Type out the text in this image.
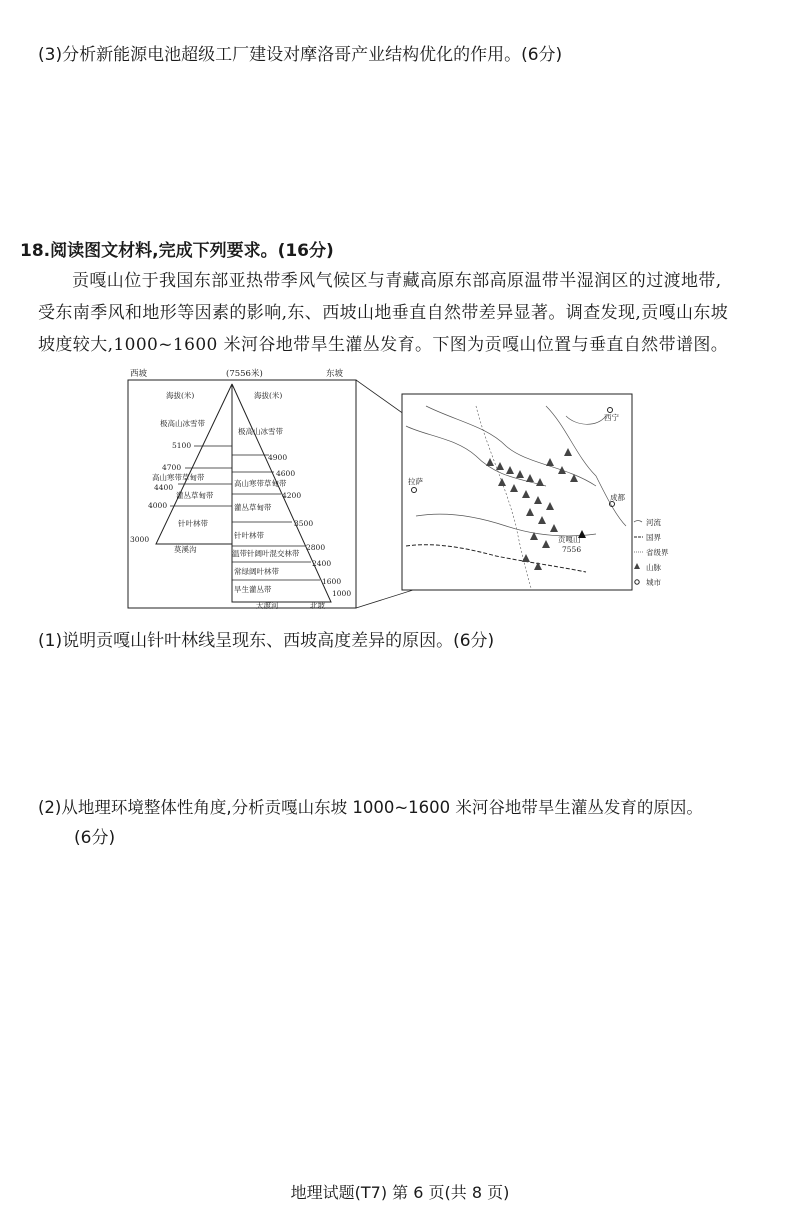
(3)分析新能源电池超级工厂建设对摩洛哥产业结构优化的作用。(6分)
18.阅读图文材料,完成下列要求。(16分)
贡嘎山位于我国东部亚热带季风气候区与青藏高原东部高原温带半湿润区的过渡地带,
受东南季风和地形等因素的影响,东、西坡山地垂直自然带差异显著。调查发现,贡嘎山东坡
坡度较大,1000~1600 米河谷地带旱生灌丛发育。下图为贡嘎山位置与垂直自然带谱图。
西坡	(7556米)	东坡
海拔(米)	海拔(米)
极高山冰雪带
高山寒带草甸带
灌丛草甸带
针叶林带
5100
4700
4400
4000
3000
莫溪沟
极高山冰雪带
高山寒带草甸带
灌丛草甸带
针叶林带
温带针阔叶混交林带
常绿阔叶林带
旱生灌丛带
4900
4600
4200
3500
2800
2400
1600
1000
大渡河	北坡
西宁
拉萨
成都
贡嘎山
7556
河流
国界
省级界
山脉
城市
(1)说明贡嘎山针叶林线呈现东、西坡高度差异的原因。(6分)
(2)从地理环境整体性角度,分析贡嘎山东坡 1000~1600 米河谷地带旱生灌丛发育的原因。
(6分)
地理试题(T7) 第 6 页(共 8 页)
